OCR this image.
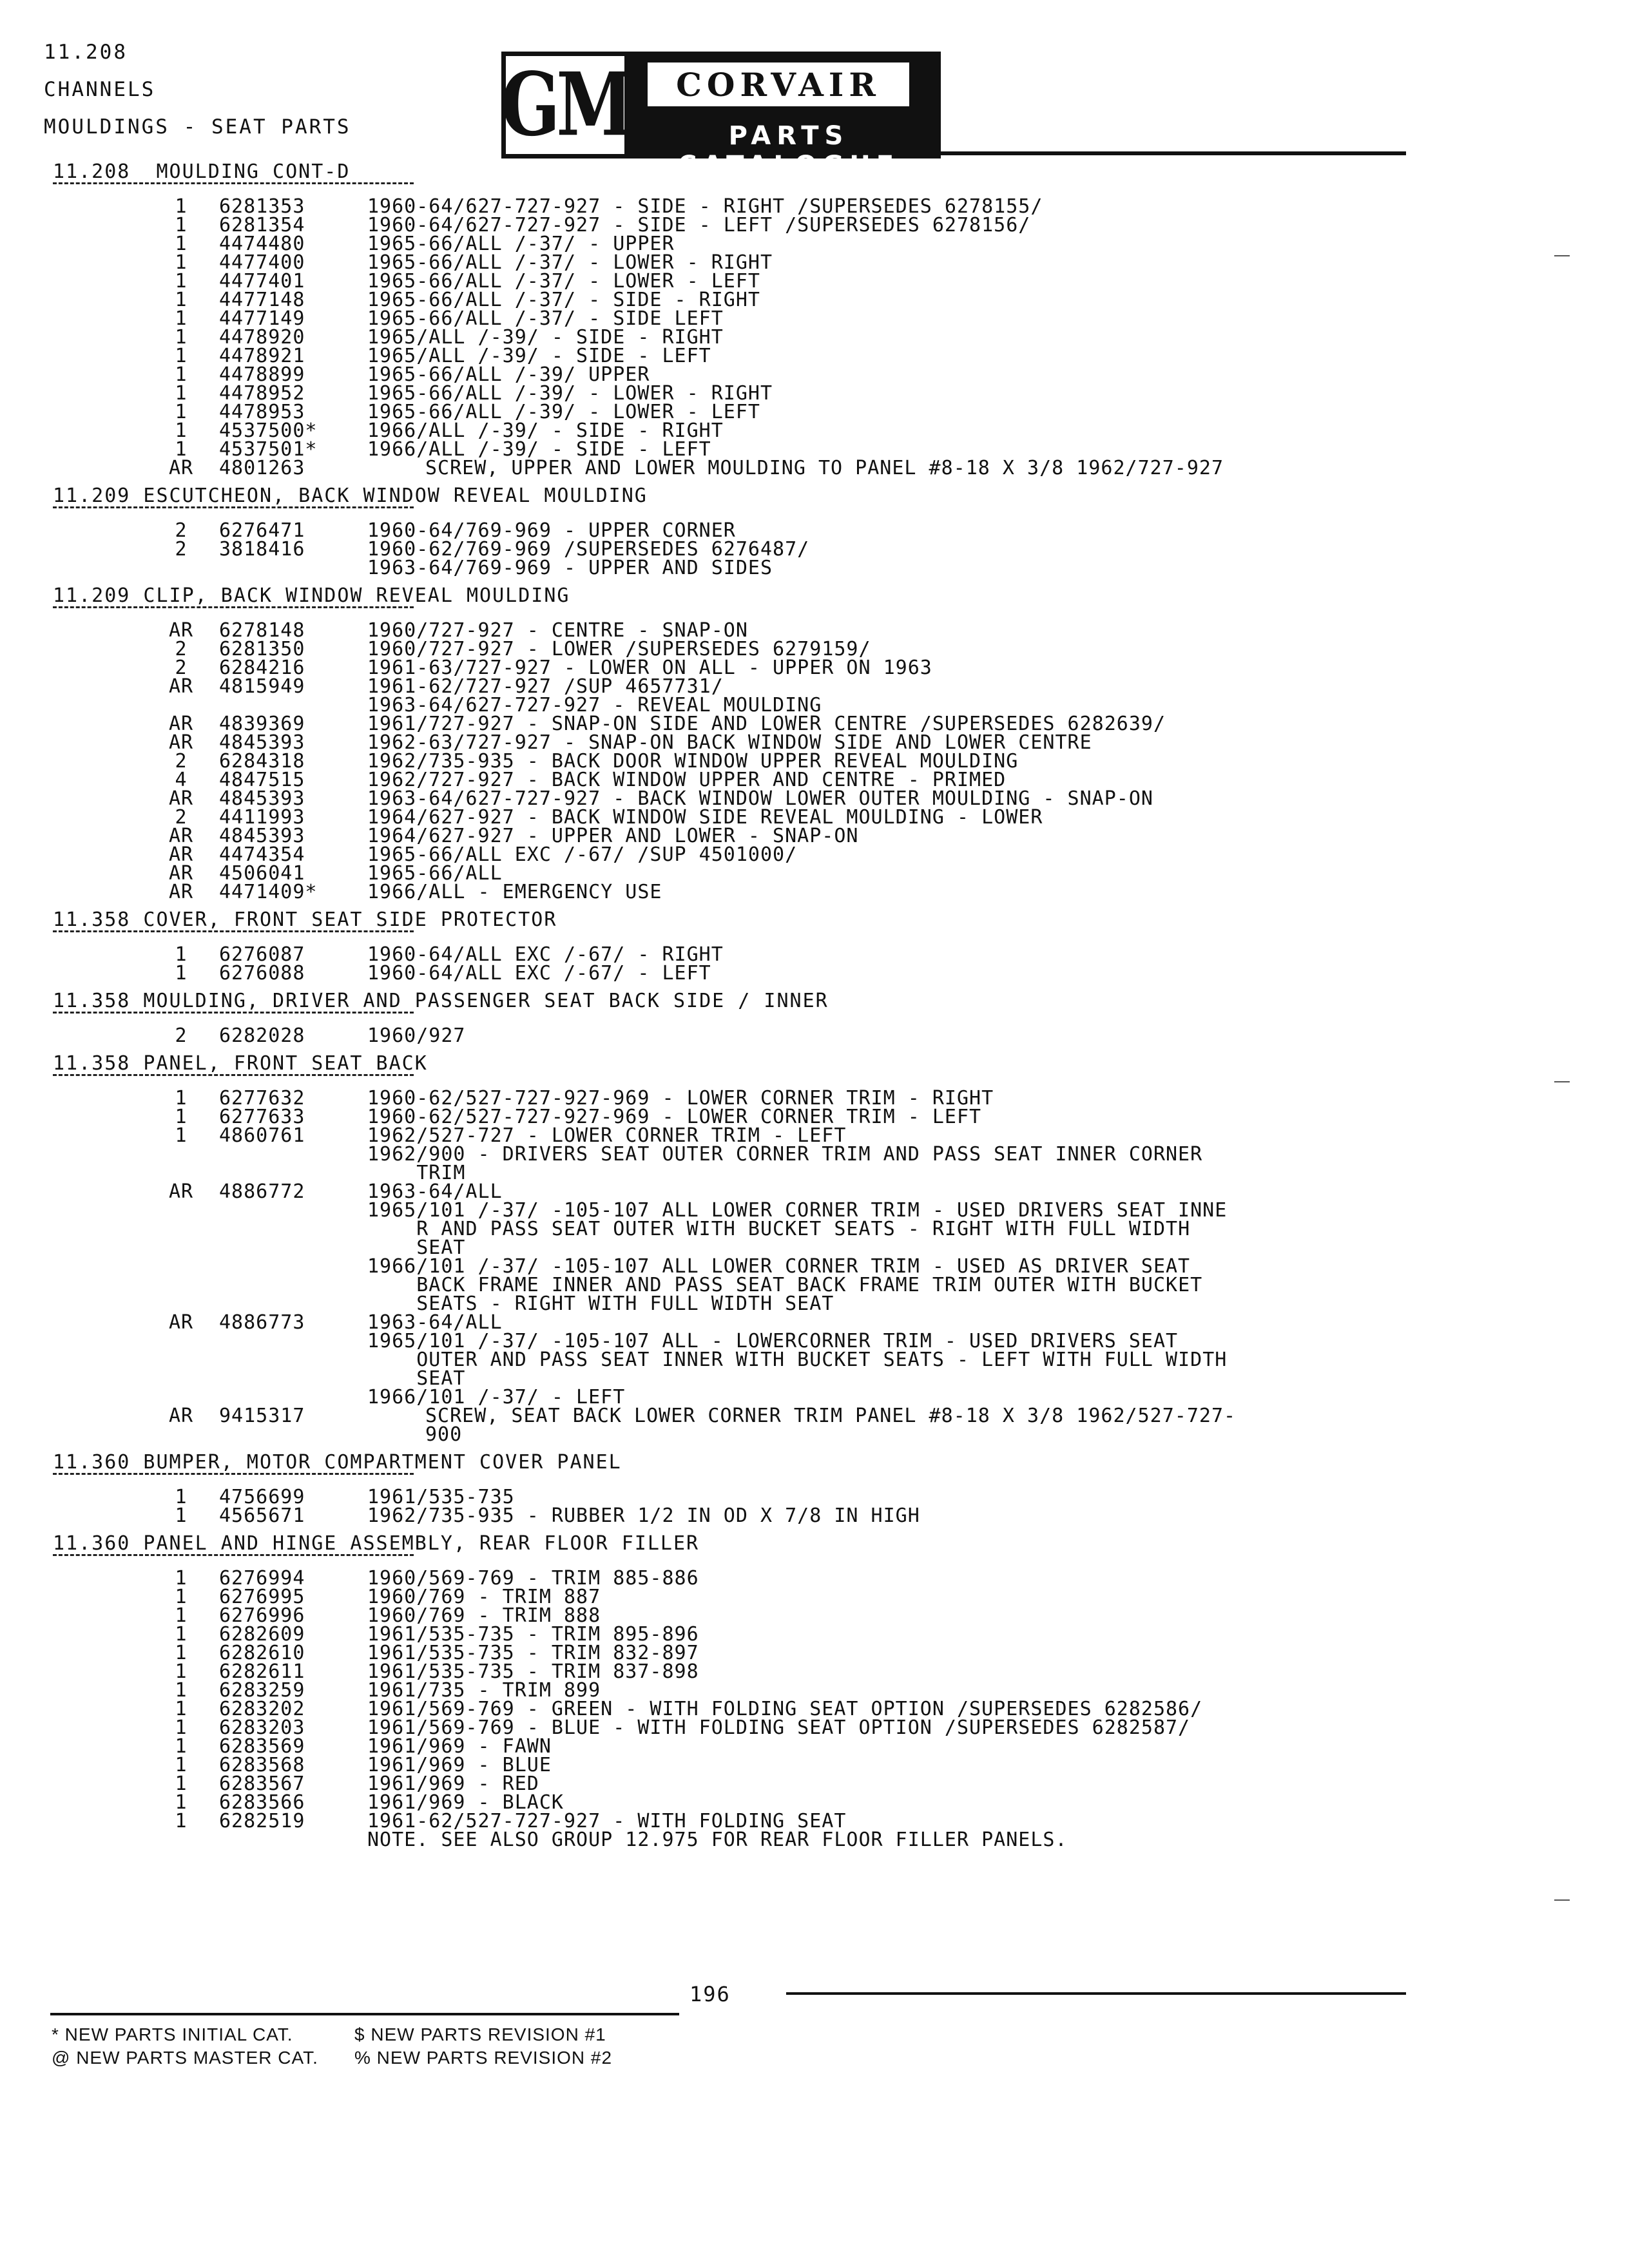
11.208
CHANNELS
MOULDINGS - SEAT PARTS GM	CORVAIR
PARTS CATALOGUE
11.208  MOULDING CONT-D
1	6281353	1960-64/627-727-927 - SIDE - RIGHT /SUPERSEDES 6278155/
1	6281354	1960-64/627-727-927 - SIDE - LEFT /SUPERSEDES 6278156/
1	4474480	1965-66/ALL /-37/ - UPPER
1	4477400	1965-66/ALL /-37/ - LOWER - RIGHT
1	4477401	1965-66/ALL /-37/ - LOWER - LEFT
1	4477148	1965-66/ALL /-37/ - SIDE - RIGHT
1	4477149	1965-66/ALL /-37/ - SIDE LEFT
1	4478920	1965/ALL /-39/ - SIDE - RIGHT
1	4478921	1965/ALL /-39/ - SIDE - LEFT
1	4478899	1965-66/ALL /-39/ UPPER
1	4478952	1965-66/ALL /-39/ - LOWER - RIGHT
1	4478953	1965-66/ALL /-39/ - LOWER - LEFT
1	4537500*	1966/ALL /-39/ - SIDE - RIGHT
1	4537501*	1966/ALL /-39/ - SIDE - LEFT
AR	4801263	SCREW, UPPER AND LOWER MOULDING TO PANEL #8-18 X 3/8 1962/727-927
11.209 ESCUTCHEON, BACK WINDOW REVEAL MOULDING
2	6276471	1960-64/769-969 - UPPER CORNER
2	3818416	1960-62/769-969 /SUPERSEDES 6276487/
1963-64/769-969 - UPPER AND SIDES
11.209 CLIP, BACK WINDOW REVEAL MOULDING
AR	6278148	1960/727-927 - CENTRE - SNAP-ON
2	6281350	1960/727-927 - LOWER /SUPERSEDES 6279159/
2	6284216	1961-63/727-927 - LOWER ON ALL - UPPER ON 1963
AR	4815949	1961-62/727-927 /SUP 4657731/
1963-64/627-727-927 - REVEAL MOULDING
AR	4839369	1961/727-927 - SNAP-ON SIDE AND LOWER CENTRE /SUPERSEDES 6282639/
AR	4845393	1962-63/727-927 - SNAP-ON BACK WINDOW SIDE AND LOWER CENTRE
2	6284318	1962/735-935 - BACK DOOR WINDOW UPPER REVEAL MOULDING
4	4847515	1962/727-927 - BACK WINDOW UPPER AND CENTRE - PRIMED
AR	4845393	1963-64/627-727-927 - BACK WINDOW LOWER OUTER MOULDING - SNAP-ON
2	4411993	1964/627-927 - BACK WINDOW SIDE REVEAL MOULDING - LOWER
AR	4845393	1964/627-927 - UPPER AND LOWER - SNAP-ON
AR	4474354	1965-66/ALL EXC /-67/ /SUP 4501000/
AR	4506041	1965-66/ALL
AR	4471409*	1966/ALL - EMERGENCY USE
11.358 COVER, FRONT SEAT SIDE PROTECTOR
1	6276087	1960-64/ALL EXC /-67/ - RIGHT
1	6276088	1960-64/ALL EXC /-67/ - LEFT
11.358 MOULDING, DRIVER AND PASSENGER SEAT BACK SIDE / INNER
2	6282028	1960/927
11.358 PANEL, FRONT SEAT BACK
1	6277632	1960-62/527-727-927-969 - LOWER CORNER TRIM - RIGHT
1	6277633	1960-62/527-727-927-969 - LOWER CORNER TRIM - LEFT
1	4860761	1962/527-727 - LOWER CORNER TRIM - LEFT
1962/900 - DRIVERS SEAT OUTER CORNER TRIM AND PASS SEAT INNER CORNER
TRIM
AR	4886772	1963-64/ALL
1965/101 /-37/ -105-107 ALL LOWER CORNER TRIM - USED DRIVERS SEAT INNE
R AND PASS SEAT OUTER WITH BUCKET SEATS - RIGHT WITH FULL WIDTH
SEAT
1966/101 /-37/ -105-107 ALL LOWER CORNER TRIM - USED AS DRIVER SEAT
BACK FRAME INNER AND PASS SEAT BACK FRAME TRIM OUTER WITH BUCKET
SEATS - RIGHT WITH FULL WIDTH SEAT
AR	4886773	1963-64/ALL
1965/101 /-37/ -105-107 ALL - LOWERCORNER TRIM - USED DRIVERS SEAT
OUTER AND PASS SEAT INNER WITH BUCKET SEATS - LEFT WITH FULL WIDTH
SEAT
1966/101 /-37/ - LEFT
AR	9415317	SCREW, SEAT BACK LOWER CORNER TRIM PANEL #8-18 X 3/8 1962/527-727-
900
11.360 BUMPER, MOTOR COMPARTMENT COVER PANEL
1	4756699	1961/535-735
1	4565671	1962/735-935 - RUBBER 1/2 IN OD X 7/8 IN HIGH
11.360 PANEL AND HINGE ASSEMBLY, REAR FLOOR FILLER
1	6276994	1960/569-769 - TRIM 885-886
1	6276995	1960/769 - TRIM 887
1	6276996	1960/769 - TRIM 888
1	6282609	1961/535-735 - TRIM 895-896
1	6282610	1961/535-735 - TRIM 832-897
1	6282611	1961/535-735 - TRIM 837-898
1	6283259	1961/735 - TRIM 899
1	6283202	1961/569-769 - GREEN - WITH FOLDING SEAT OPTION /SUPERSEDES 6282586/
1	6283203	1961/569-769 - BLUE - WITH FOLDING SEAT OPTION /SUPERSEDES 6282587/
1	6283569	1961/969 - FAWN
1	6283568	1961/969 - BLUE
1	6283567	1961/969 - RED
1	6283566	1961/969 - BLACK
1	6282519	1961-62/527-727-927 - WITH FOLDING SEAT
NOTE. SEE ALSO GROUP 12.975 FOR REAR FLOOR FILLER PANELS.
196
* NEW PARTS INITIAL CAT.	$ NEW PARTS REVISION #1
@ NEW PARTS MASTER CAT.	% NEW PARTS REVISION #2
